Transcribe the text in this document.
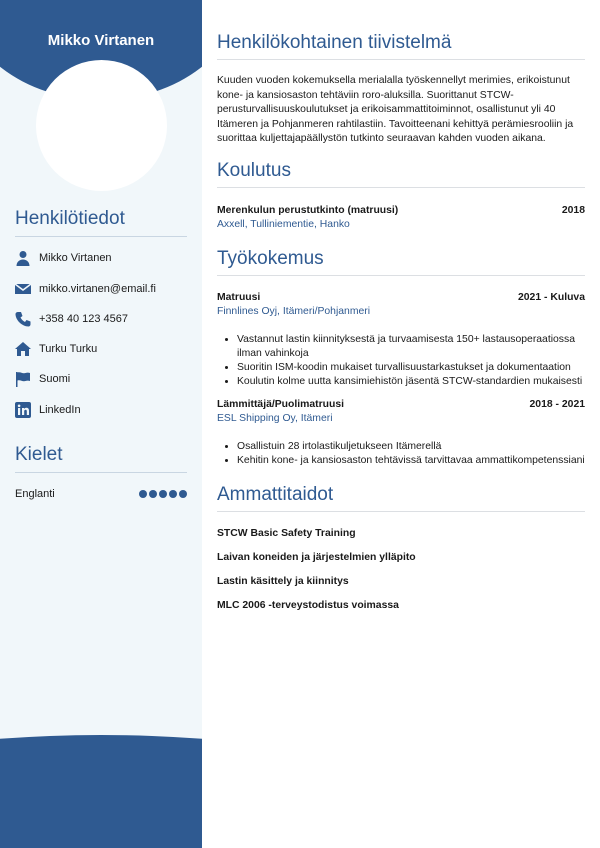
Mikko Virtanen
Henkilötiedot
Mikko Virtanen
mikko.virtanen@email.fi
+358 40 123 4567
Turku Turku
Suomi
LinkedIn
Kielet
Englanti
Henkilökohtainen tiivistelmä
Kuuden vuoden kokemuksella merialalla työskennellyt merimies, erikoistunut kone- ja kansiosaston tehtäviin roro-aluksilla. Suorittanut STCW-perusturvallisuuskoulutukset ja erikoisammattitoiminnot, osallistunut yli 40 Itämeren ja Pohjanmeren rahtilastiin. Tavoitteenani kehittyä perämiesrooliin ja suorittaa kuljettajapäällystön tutkinto seuraavan kahden vuoden aikana.
Koulutus
Merenkulun perustutkinto (matruusi)	2018
Axxell, Tulliniementie, Hanko
Työkokemus
Matruusi	2021 - Kuluva
Finnlines Oyj, Itämeri/Pohjanmeri
• Vastannut lastin kiinnityksestä ja turvaamisesta 150+ lastausoperaatiossa ilman vahinkoja
• Suoritin ISM-koodin mukaiset turvallisuustarkastukset ja dokumentaation
• Koulutin kolme uutta kansimiehistön jäsentä STCW-standardien mukaisesti
Lämmittäjä/Puolimatruusi	2018 - 2021
ESL Shipping Oy, Itämeri
• Osallistuin 28 irtolastikuljetukseen Itämerellä
• Kehitin kone- ja kansiosaston tehtävissä tarvittavaa ammattikompetenssiani
Ammattitaidot
STCW Basic Safety Training
Laivan koneiden ja järjestelmien ylläpito
Lastin käsittely ja kiinnitys
MLC 2006 -terveystodistus voimassa
